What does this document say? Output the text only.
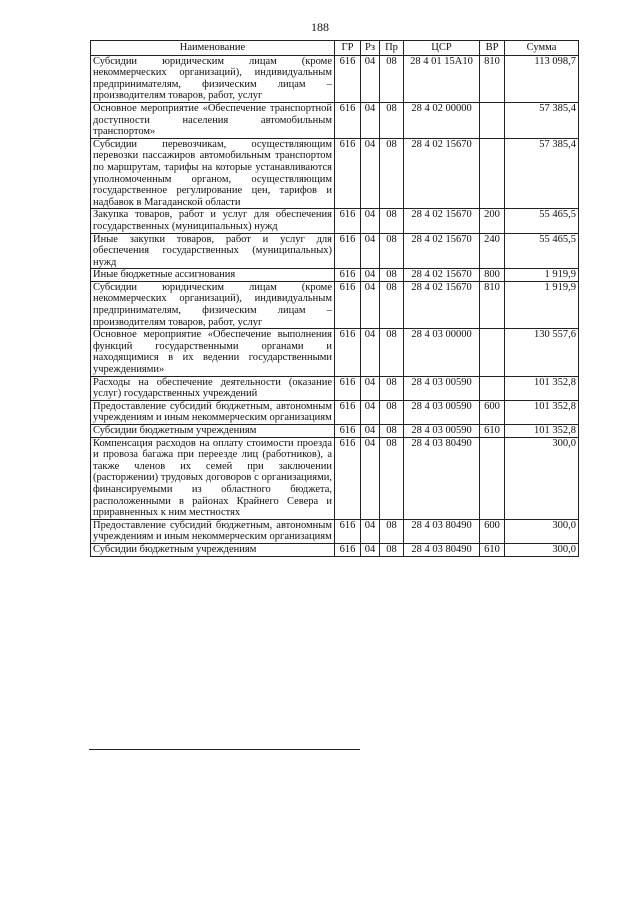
188
Наименование	ГР	Рз	Пр	ЦСР	ВР	Сумма
Субсидии юридическим лицам (кроме некоммерческих организаций), индивидуальным предпринимателям, физическим лицам – производителям товаров, работ, услуг	616	04	08	28 4 01 15А10	810	113 098,7
Основное мероприятие «Обеспечение транспортной доступности населения автомобильным транспортом»	616	04	08	28 4 02 00000		57 385,4
Субсидии перевозчикам, осуществляющим перевозки пассажиров автомобильным транспортом по маршрутам, тарифы на которые устанавливаются уполномоченным органом, осуществляющим государственное регулирование цен, тарифов и надбавок в Магаданской области	616	04	08	28 4 02 15670		57 385,4
Закупка товаров, работ и услуг для обеспечения государственных (муниципальных) нужд	616	04	08	28 4 02 15670	200	55 465,5
Иные закупки товаров, работ и услуг для обеспечения государственных (муниципальных) нужд	616	04	08	28 4 02 15670	240	55 465,5
Иные бюджетные ассигнования	616	04	08	28 4 02 15670	800	1 919,9
Субсидии юридическим лицам (кроме некоммерческих организаций), индивидуальным предпринимателям, физическим лицам – производителям товаров, работ, услуг	616	04	08	28 4 02 15670	810	1 919,9
Основное мероприятие «Обеспечение выполнения функций государственными органами и находящимися в их ведении государственными учреждениями»	616	04	08	28 4 03 00000		130 557,6
Расходы на обеспечение деятельности (оказание услуг) государственных учреждений	616	04	08	28 4 03 00590		101 352,8
Предоставление субсидий бюджетным, автономным учреждениям и иным некоммерческим организациям	616	04	08	28 4 03 00590	600	101 352,8
Субсидии бюджетным учреждениям	616	04	08	28 4 03 00590	610	101 352,8
Компенсация расходов на оплату стоимости проезда и провоза багажа при переезде лиц (работников), а также членов их семей при заключении (расторжении) трудовых договоров с организациями, финансируемыми из областного бюджета, расположенными в районах Крайнего Севера и приравненных к ним местностях	616	04	08	28 4 03 80490		300,0
Предоставление субсидий бюджетным, автономным учреждениям и иным некоммерческим организациям	616	04	08	28 4 03 80490	600	300,0
Субсидии бюджетным учреждениям	616	04	08	28 4 03 80490	610	300,0
